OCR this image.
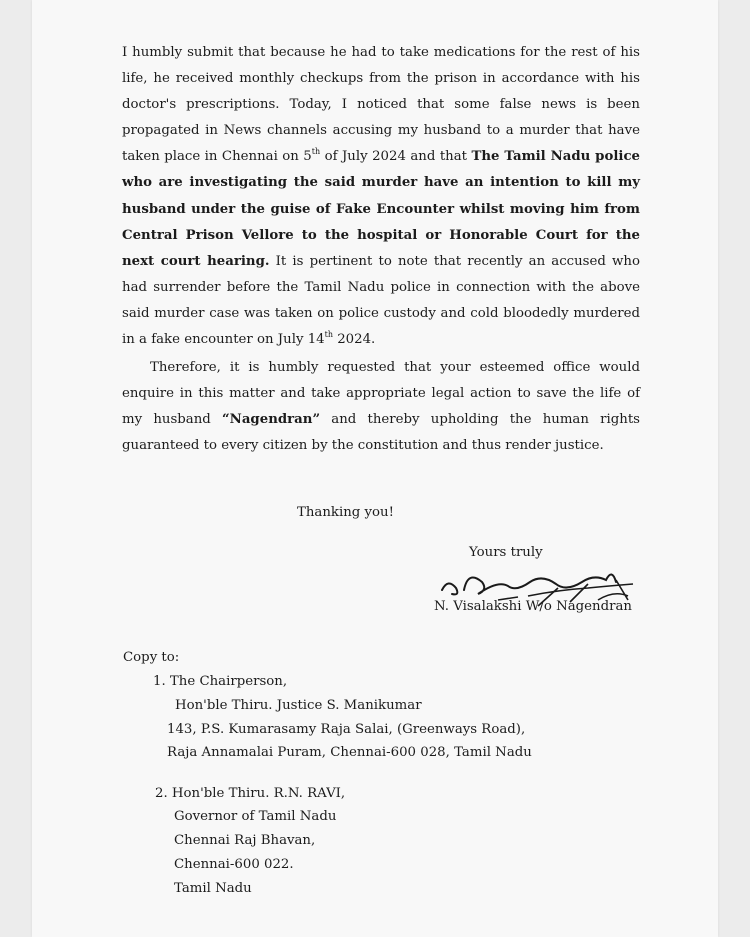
I humbly submit that because he had to take medications for the rest of his life, he received monthly checkups from the prison in accordance with his doctor's prescriptions. Today, I noticed that some false news is been propagated in News channels accusing my husband to a murder that have taken place in Chennai on 5th of July 2024 and that The Tamil Nadu police who are investigating the said murder have an intention to kill my husband under the guise of Fake Encounter whilst moving him from Central Prison Vellore to the hospital or Honorable Court for the next court hearing. It is pertinent to note that recently an accused who had surrender before the Tamil Nadu police in connection with the above said murder case was taken on police custody and cold bloodedly murdered in a fake encounter on July 14th 2024.
Therefore, it is humbly requested that your esteemed office would enquire in this matter and take appropriate legal action to save the life of my husband “Nagendran” and thereby upholding the human rights guaranteed to every citizen by the constitution and thus render justice.
Thanking you!
Yours truly
N. Visalakshi W/o Nagendran
Copy to:
1. The Chairperson,
Hon'ble Thiru. Justice S. Manikumar
143, P.S. Kumarasamy Raja Salai, (Greenways Road),
Raja Annamalai Puram, Chennai-600 028, Tamil Nadu
2. Hon'ble Thiru. R.N. RAVI,
Governor of Tamil Nadu
Chennai Raj Bhavan,
Chennai-600 022.
Tamil Nadu
